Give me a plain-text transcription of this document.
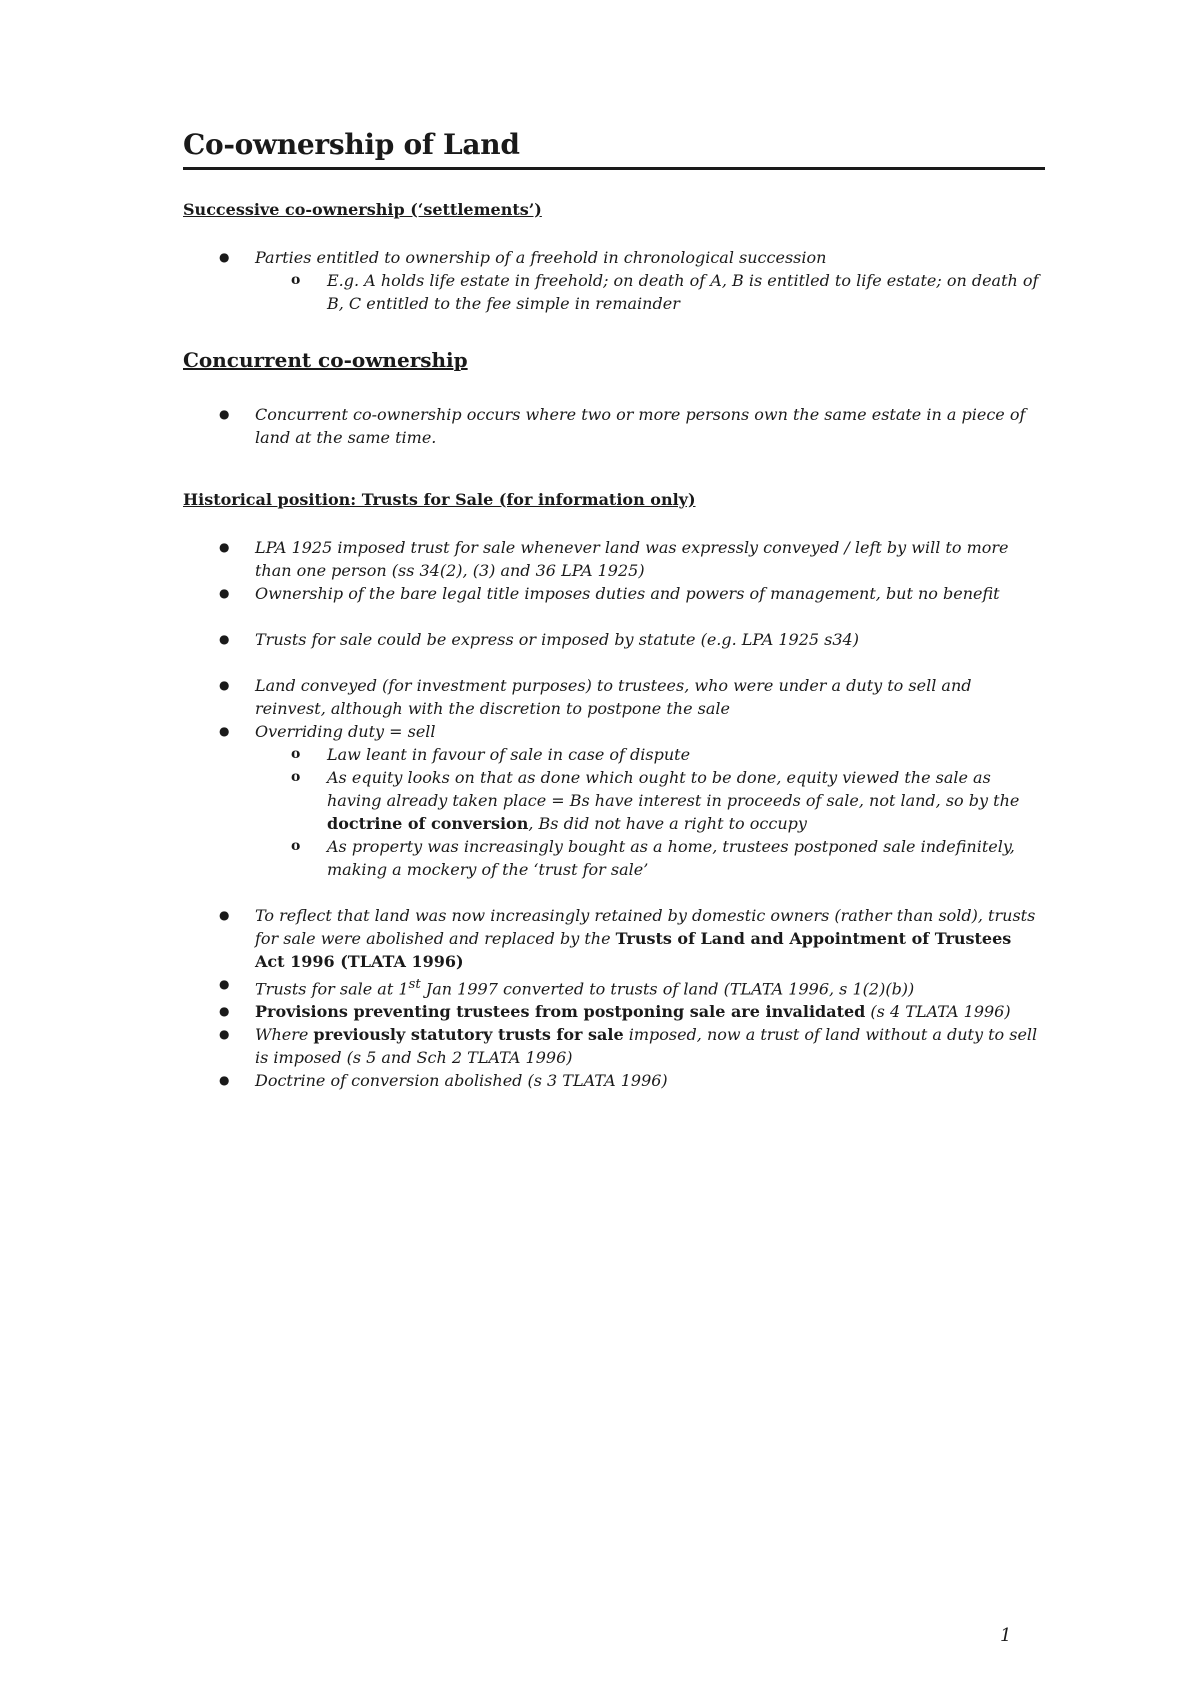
Co-ownership of Land

Successive co-ownership (‘settlements’)

● Parties entitled to ownership of a freehold in chronological succession
o E.g. A holds life estate in freehold; on death of A, B is entitled to life estate; on death of B, C entitled to the fee simple in remainder

Concurrent co-ownership

● Concurrent co-ownership occurs where two or more persons own the same estate in a piece of land at the same time.

Historical position: Trusts for Sale (for information only)

● LPA 1925 imposed trust for sale whenever land was expressly conveyed / left by will to more than one person (ss 34(2), (3) and 36 LPA 1925)
● Ownership of the bare legal title imposes duties and powers of management, but no benefit
● Trusts for sale could be express or imposed by statute (e.g. LPA 1925 s34)
● Land conveyed (for investment purposes) to trustees, who were under a duty to sell and reinvest, although with the discretion to postpone the sale
● Overriding duty = sell
o Law leant in favour of sale in case of dispute
o As equity looks on that as done which ought to be done, equity viewed the sale as having already taken place = Bs have interest in proceeds of sale, not land, so by the doctrine of conversion, Bs did not have a right to occupy
o As property was increasingly bought as a home, trustees postponed sale indefinitely, making a mockery of the ‘trust for sale’
● To reflect that land was now increasingly retained by domestic owners (rather than sold), trusts for sale were abolished and replaced by the Trusts of Land and Appointment of Trustees Act 1996 (TLATA 1996)
● Trusts for sale at 1st Jan 1997 converted to trusts of land (TLATA 1996, s 1(2)(b))
● Provisions preventing trustees from postponing sale are invalidated (s 4 TLATA 1996)
● Where previously statutory trusts for sale imposed, now a trust of land without a duty to sell is imposed (s 5 and Sch 2 TLATA 1996)
● Doctrine of conversion abolished (s 3 TLATA 1996)
1
